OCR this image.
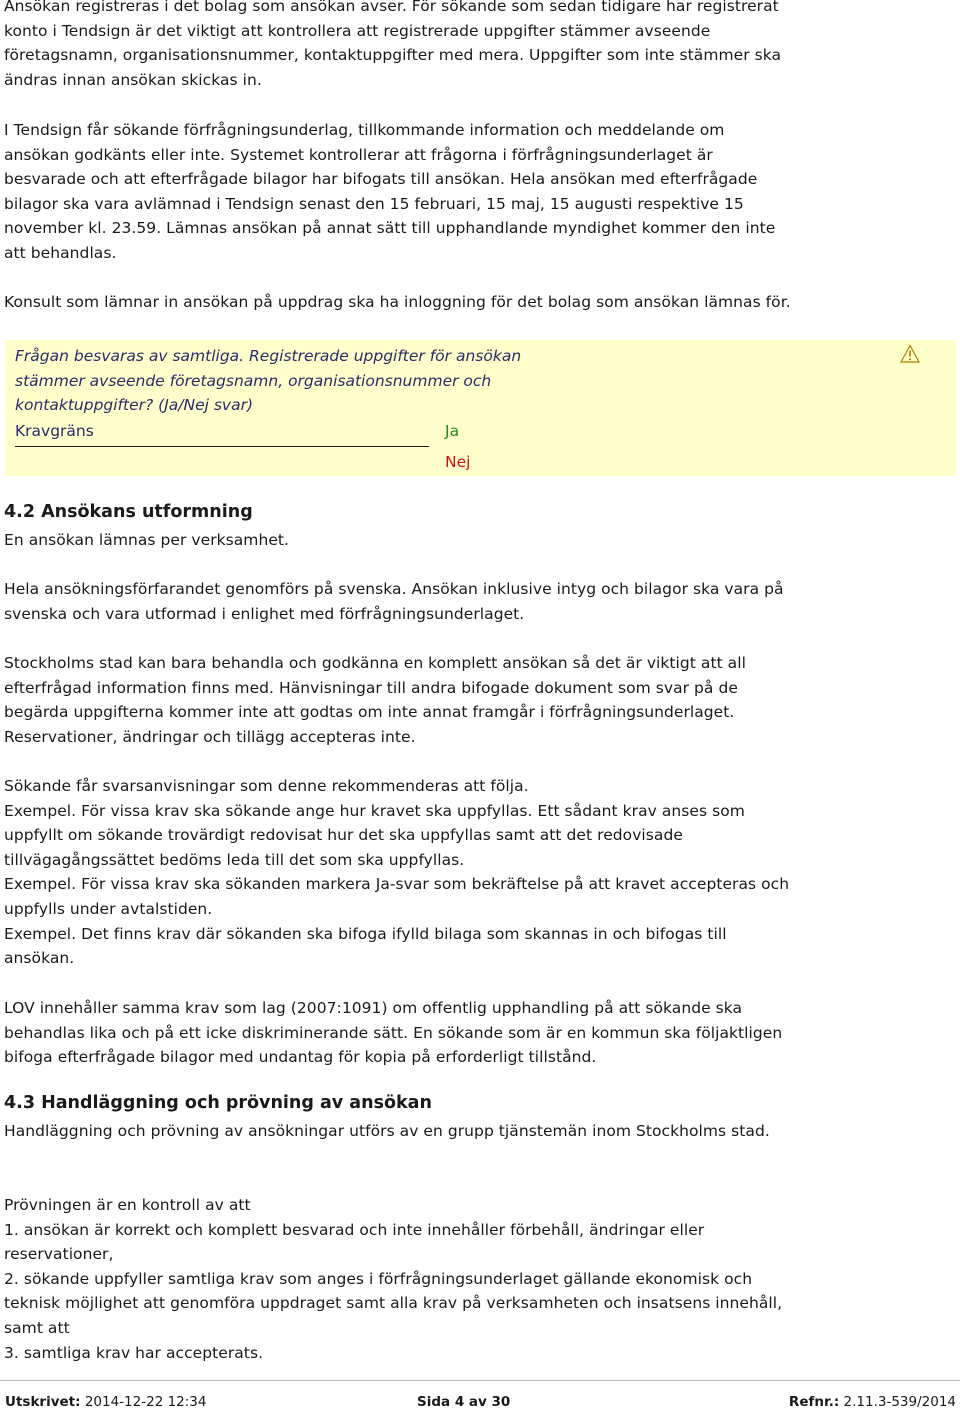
Ansökan registreras i det bolag som ansökan avser. För sökande som sedan tidigare har registrerat konto i Tendsign är det viktigt att kontrollera att registrerade uppgifter stämmer avseende företagsnamn, organisationsnummer, kontaktuppgifter med mera. Uppgifter som inte stämmer ska ändras innan ansökan skickas in.

I Tendsign får sökande förfrågningsunderlag, tillkommande information och meddelande om ansökan godkänts eller inte. Systemet kontrollerar att frågorna i förfrågningsunderlaget är besvarade och att efterfrågade bilagor har bifogats till ansökan. Hela ansökan med efterfrågade bilagor ska vara avlämnad i Tendsign senast den 15 februari, 15 maj, 15 augusti respektive 15 november kl. 23.59. Lämnas ansökan på annat sätt till upphandlande myndighet kommer den inte att behandlas.

Konsult som lämnar in ansökan på uppdrag ska ha inloggning för det bolag som ansökan lämnas för.

Frågan besvaras av samtliga. Registrerade uppgifter för ansökan stämmer avseende företagsnamn, organisationsnummer och kontaktuppgifter? (Ja/Nej svar)
Kravgräns	Ja
Nej
4.2 Ansökans utformning

En ansökan lämnas per verksamhet.

Hela ansökningsförfarandet genomförs på svenska. Ansökan inklusive intyg och bilagor ska vara på svenska och vara utformad i enlighet med förfrågningsunderlaget.

Stockholms stad kan bara behandla och godkänna en komplett ansökan så det är viktigt att all efterfrågad information finns med. Hänvisningar till andra bifogade dokument som svar på de begärda uppgifterna kommer inte att godtas om inte annat framgår i förfrågningsunderlaget. Reservationer, ändringar och tillägg accepteras inte.

Sökande får svarsanvisningar som denne rekommenderas att följa.

Exempel. För vissa krav ska sökande ange hur kravet ska uppfyllas. Ett sådant krav anses som uppfyllt om sökande trovärdigt redovisat hur det ska uppfyllas samt att det redovisade tillvägagångssättet bedöms leda till det som ska uppfyllas.

Exempel. För vissa krav ska sökanden markera Ja-svar som bekräftelse på att kravet accepteras och uppfylls under avtalstiden.

Exempel. Det finns krav där sökanden ska bifoga ifylld bilaga som skannas in och bifogas till ansökan.

LOV innehåller samma krav som lag (2007:1091) om offentlig upphandling på att sökande ska behandlas lika och på ett icke diskriminerande sätt. En sökande som är en kommun ska följaktligen bifoga efterfrågade bilagor med undantag för kopia på erforderligt tillstånd.

4.3 Handläggning och prövning av ansökan

Handläggning och prövning av ansökningar utförs av en grupp tjänstemän inom Stockholms stad.

Prövningen är en kontroll av att

1. ansökan är korrekt och komplett besvarad och inte innehåller förbehåll, ändringar eller reservationer,

2. sökande uppfyller samtliga krav som anges i förfrågningsunderlaget gällande ekonomisk och teknisk möjlighet att genomföra uppdraget samt alla krav på verksamheten och insatsens innehåll, samt att

3. samtliga krav har accepterats.

Utskrivet: 2014-12-22 12:34	Sida 4 av 30	Refnr.: 2.11.3-539/2014
